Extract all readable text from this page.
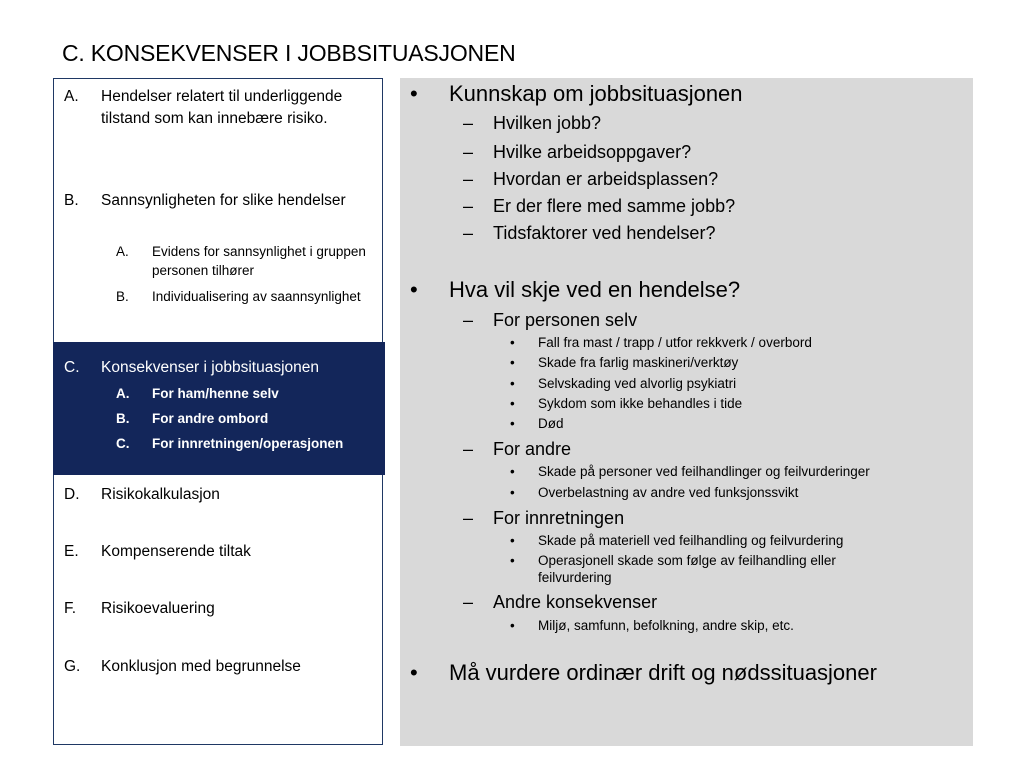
C. KONSEKVENSER I JOBBSITUASJONEN
A. Hendelser relatert til underliggende tilstand som kan innebære risiko.
B. Sannsynligheten for slike hendelser
A. Evidens for sannsynlighet i gruppen personen tilhører
B. Individualisering av saannsynlighet
C. Konsekvenser i jobbsituasjonen
A. For ham/henne selv
B. For andre ombord
C. For innretningen/operasjonen
D. Risikokalkulasjon
E. Kompenserende tiltak
F. Risikoevaluering
G. Konklusjon med begrunnelse
• Kunnskap om jobbsituasjonen
– Hvilken jobb?
– Hvilke arbeidsoppgaver?
– Hvordan er arbeidsplassen?
– Er der flere med samme jobb?
– Tidsfaktorer ved hendelser?
• Hva vil skje ved en hendelse?
– For personen selv
• Fall fra mast / trapp / utfor rekkverk / overbord
• Skade fra farlig maskineri/verktøy
• Selvskading ved alvorlig psykiatri
• Sykdom som ikke behandles i tide
• Død
– For andre
• Skade på personer ved feilhandlinger og feilvurderinger
• Overbelastning av andre ved funksjonssvikt
– For innretningen
• Skade på materiell ved feilhandling og feilvurdering
• Operasjonell skade som følge av feilhandling eller feilvurdering
– Andre konsekvenser
• Miljø, samfunn, befolkning, andre skip, etc.
• Må vurdere ordinær drift og nødssituasjoner
